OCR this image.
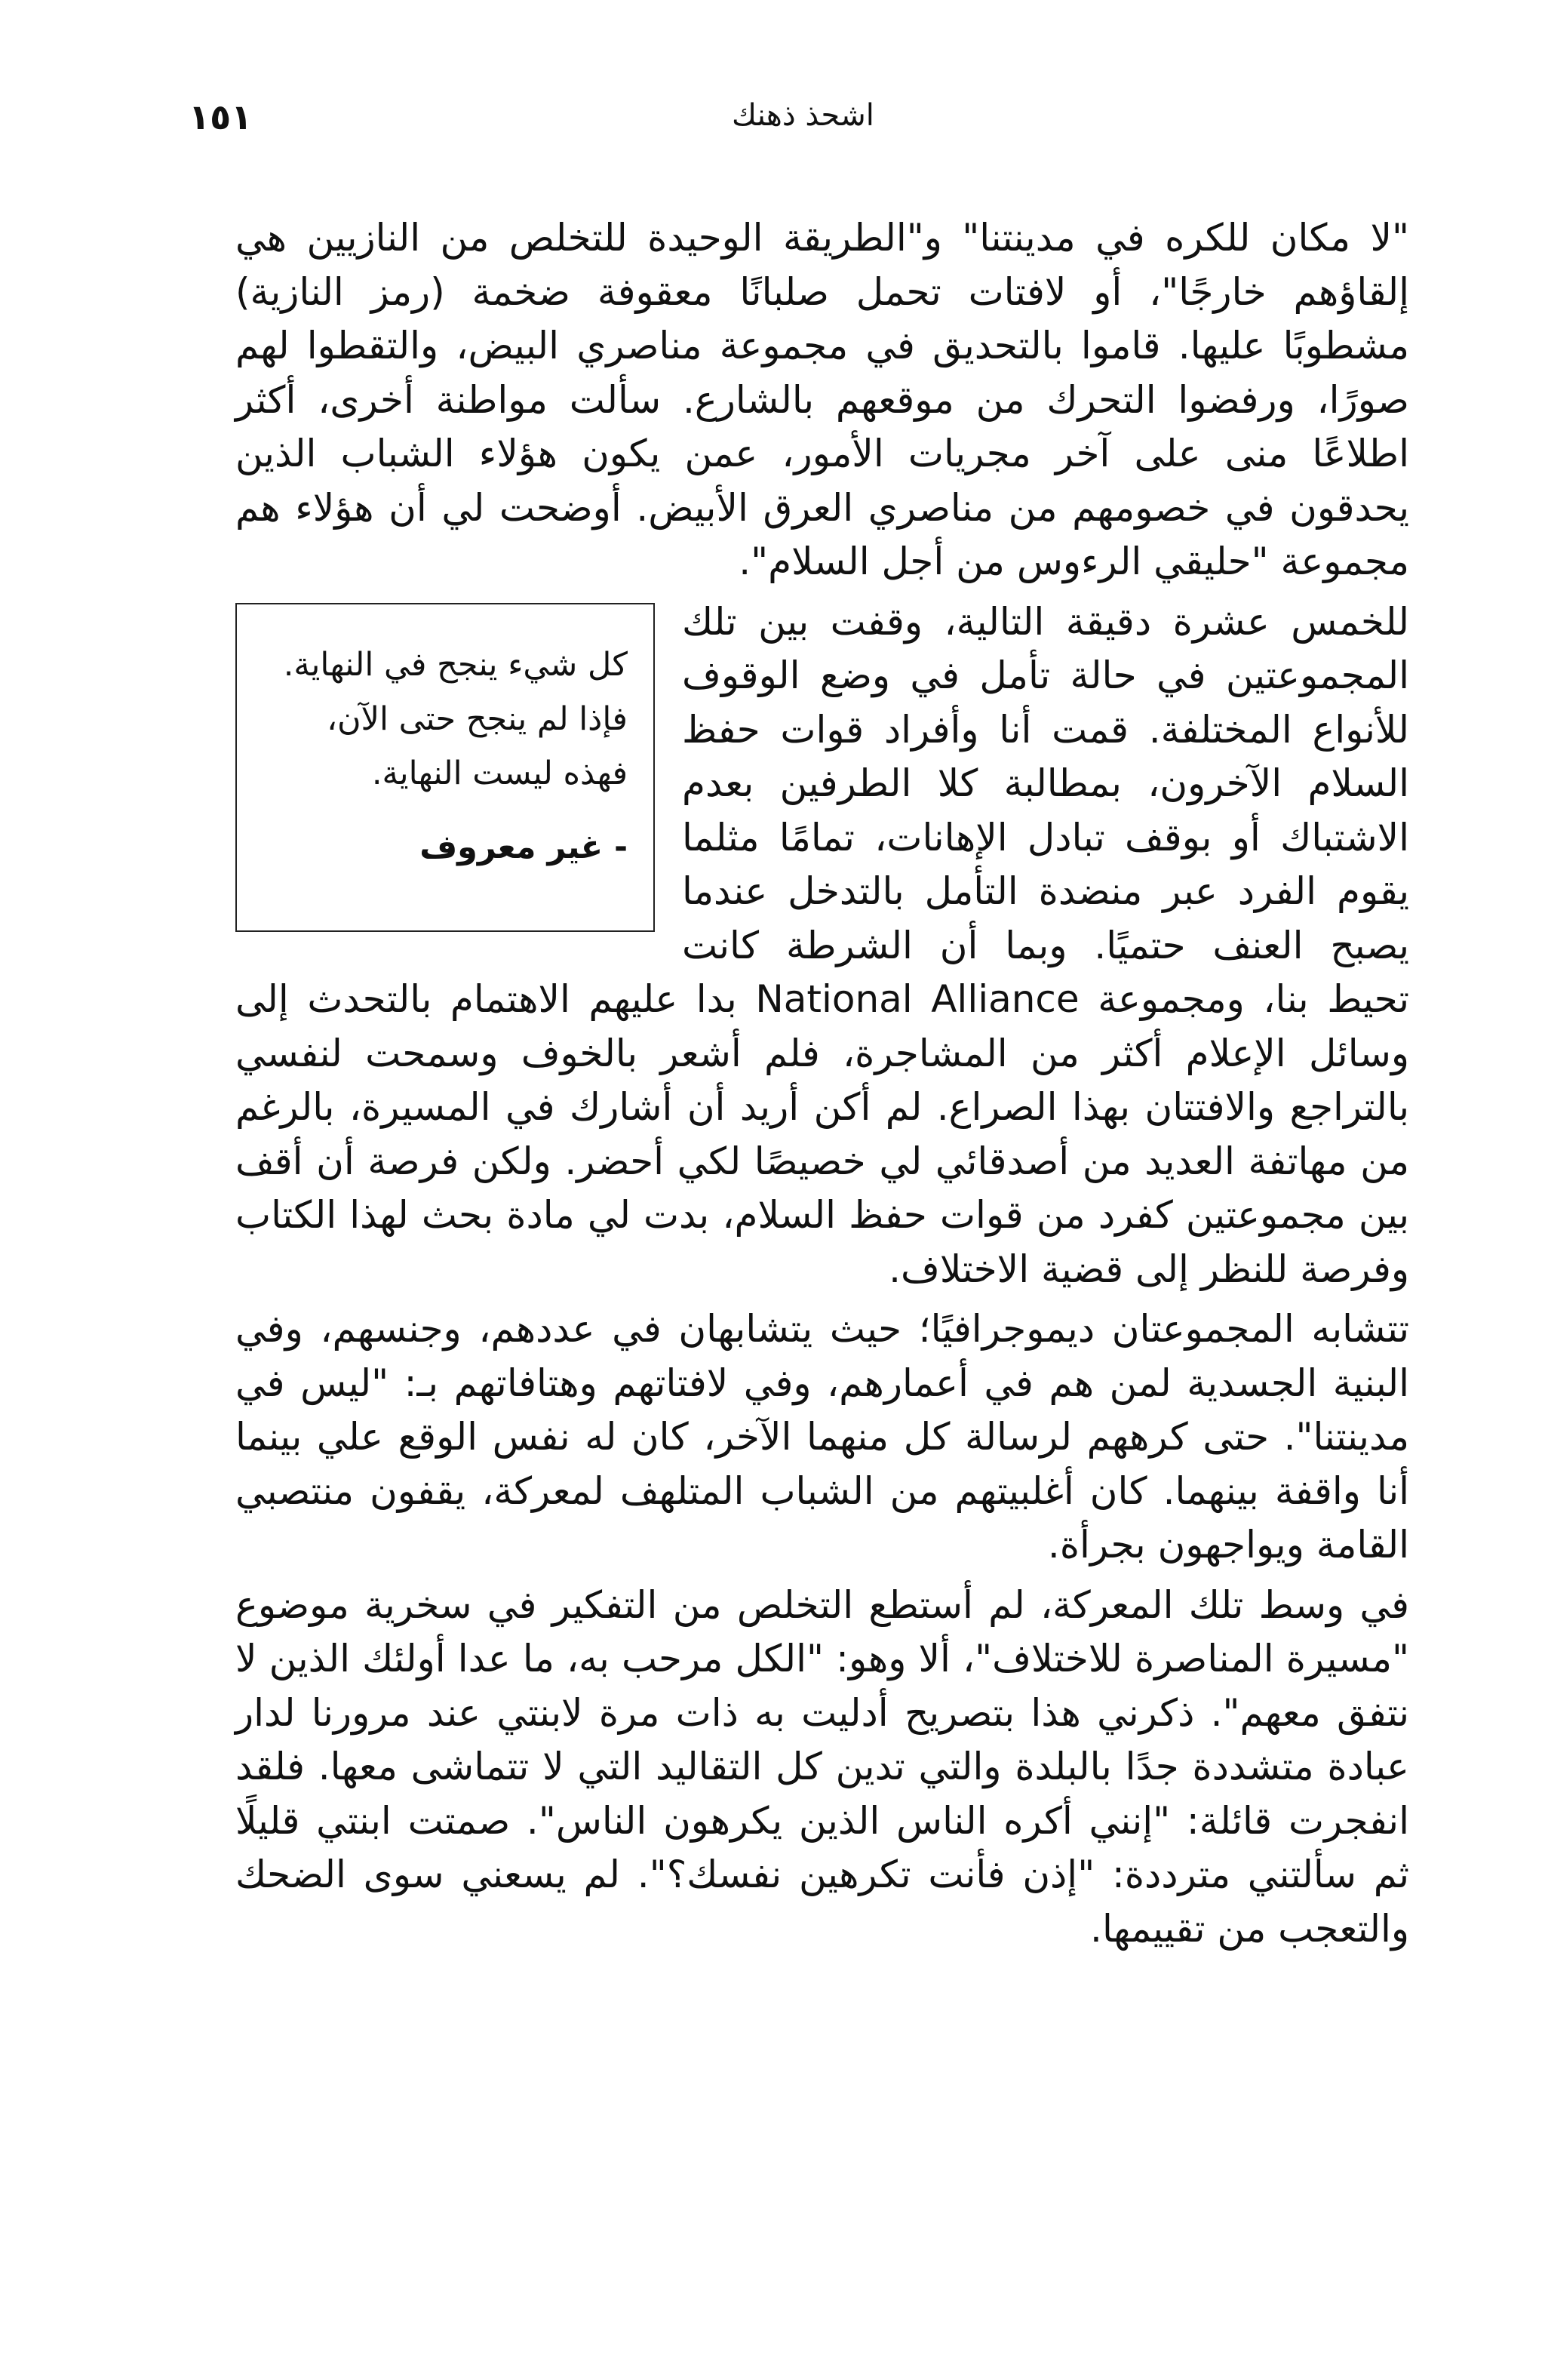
١٥١	اشحذ ذهنك

"لا مكان للكره في مدينتنا" و"الطريقة الوحيدة للتخلص من النازيين هي إلقاؤهم خارجًا"، أو لافتات تحمل صلبانًا معقوفة ضخمة (رمز النازية) مشطوبًا عليها. قاموا بالتحديق في مجموعة مناصري البيض، والتقطوا لهم صورًا، ورفضوا التحرك من موقعهم بالشارع. سألت مواطنة أخرى، أكثر اطلاعًا منى على آخر مجريات الأمور، عمن يكون هؤلاء الشباب الذين يحدقون في خصومهم من مناصري العرق الأبيض. أوضحت لي أن هؤلاء هم مجموعة "حليقي الرءوس من أجل السلام".

كل شيء ينجح في النهاية.
فإذا لم ينجح حتى الآن،
فهذه ليست النهاية.
- غير معروف

للخمس عشرة دقيقة التالية، وقفت بين تلك المجموعتين في حالة تأمل في وضع الوقوف للأنواع المختلفة. قمت أنا وأفراد قوات حفظ السلام الآخرون، بمطالبة كلا الطرفين بعدم الاشتباك أو بوقف تبادل الإهانات، تمامًا مثلما يقوم الفرد عبر منضدة التأمل بالتدخل عندما يصبح العنف حتميًا. وبما أن الشرطة كانت تحيط بنا، ومجموعة National Alliance بدا عليهم الاهتمام بالتحدث إلى وسائل الإعلام أكثر من المشاجرة، فلم أشعر بالخوف وسمحت لنفسي بالتراجع والافتتان بهذا الصراع. لم أكن أريد أن أشارك في المسيرة، بالرغم من مهاتفة العديد من أصدقائي لي خصيصًا لكي أحضر. ولكن فرصة أن أقف بين مجموعتين كفرد من قوات حفظ السلام، بدت لي مادة بحث لهذا الكتاب وفرصة للنظر إلى قضية الاختلاف.

تتشابه المجموعتان ديموجرافيًا؛ حيث يتشابهان في عددهم، وجنسهم، وفي البنية الجسدية لمن هم في أعمارهم، وفي لافتاتهم وهتافاتهم بـ: "ليس في مدينتنا". حتى كرههم لرسالة كل منهما الآخر، كان له نفس الوقع علي بينما أنا واقفة بينهما. كان أغلبيتهم من الشباب المتلهف لمعركة، يقفون منتصبي القامة ويواجهون بجرأة.

في وسط تلك المعركة، لم أستطع التخلص من التفكير في سخرية موضوع "مسيرة المناصرة للاختلاف"، ألا وهو: "الكل مرحب به، ما عدا أولئك الذين لا نتفق معهم". ذكرني هذا بتصريح أدليت به ذات مرة لابنتي عند مرورنا لدار عبادة متشددة جدًا بالبلدة والتي تدين كل التقاليد التي لا تتماشى معها. فلقد انفجرت قائلة: "إنني أكره الناس الذين يكرهون الناس". صمتت ابنتي قليلًا ثم سألتني مترددة: "إذن فأنت تكرهين نفسك؟". لم يسعني سوى الضحك والتعجب من تقييمها.
